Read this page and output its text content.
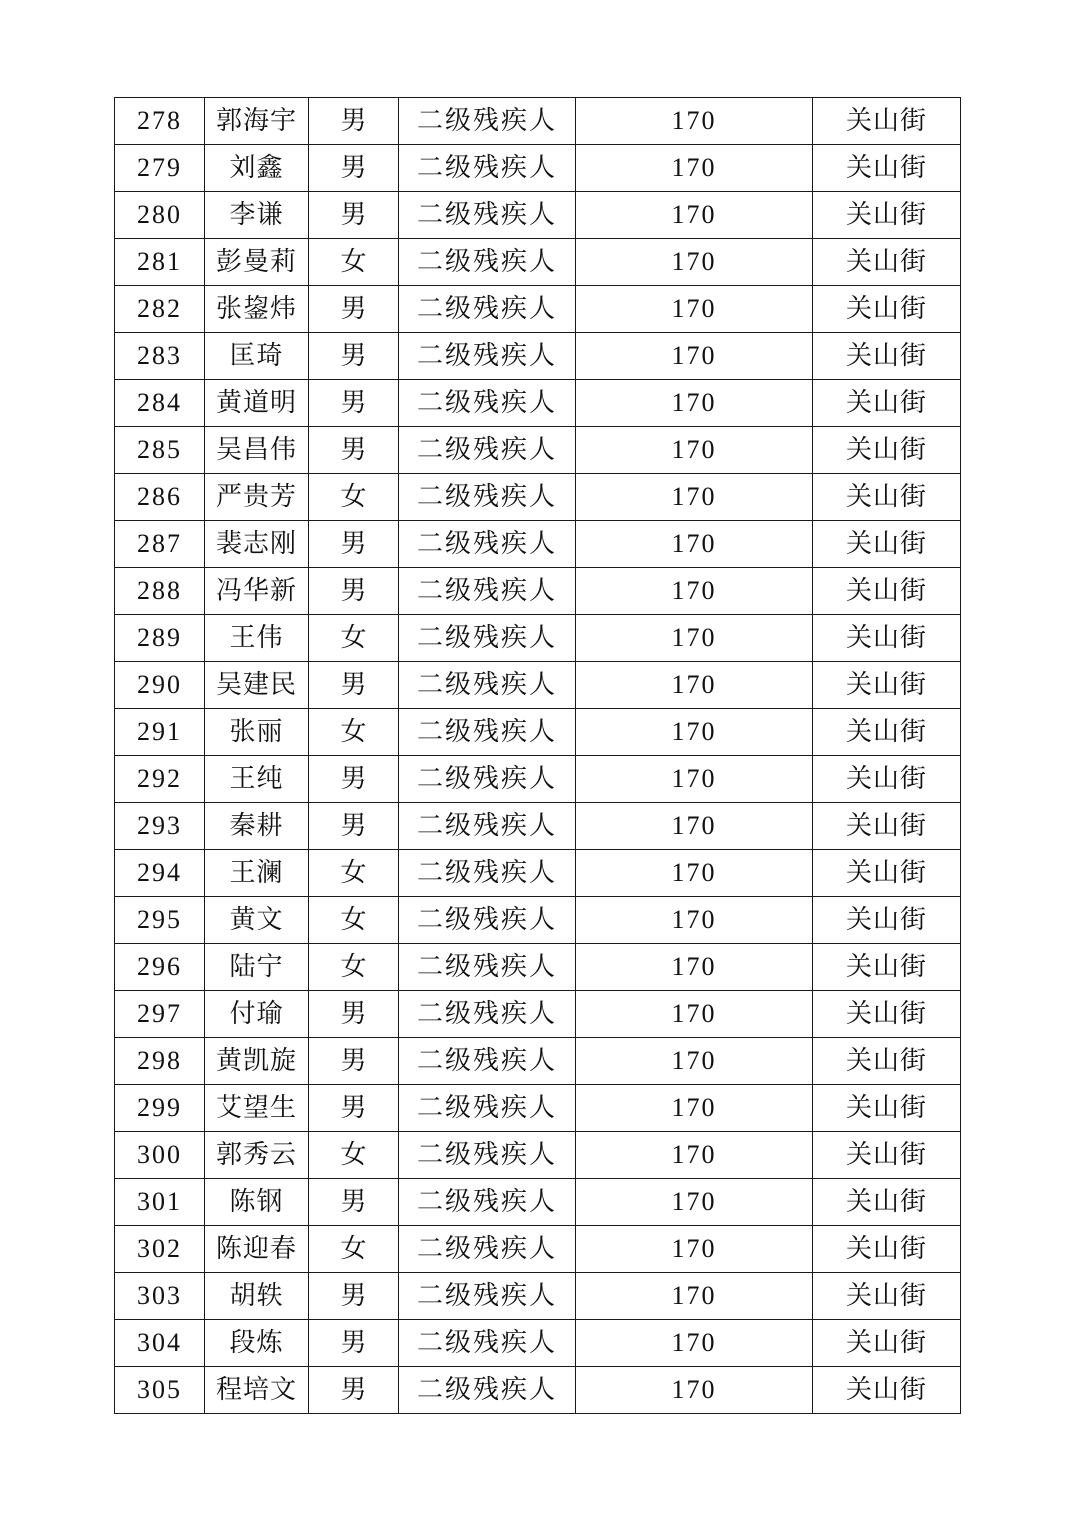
278	郭海宇	男	二级残疾人	170	关山街
279	刘鑫	男	二级残疾人	170	关山街
280	李谦	男	二级残疾人	170	关山街
281	彭曼莉	女	二级残疾人	170	关山街
282	张鋆炜	男	二级残疾人	170	关山街
283	匡琦	男	二级残疾人	170	关山街
284	黄道明	男	二级残疾人	170	关山街
285	吴昌伟	男	二级残疾人	170	关山街
286	严贵芳	女	二级残疾人	170	关山街
287	裴志刚	男	二级残疾人	170	关山街
288	冯华新	男	二级残疾人	170	关山街
289	王伟	女	二级残疾人	170	关山街
290	吴建民	男	二级残疾人	170	关山街
291	张丽	女	二级残疾人	170	关山街
292	王纯	男	二级残疾人	170	关山街
293	秦耕	男	二级残疾人	170	关山街
294	王澜	女	二级残疾人	170	关山街
295	黄文	女	二级残疾人	170	关山街
296	陆宁	女	二级残疾人	170	关山街
297	付瑜	男	二级残疾人	170	关山街
298	黄凯旋	男	二级残疾人	170	关山街
299	艾望生	男	二级残疾人	170	关山街
300	郭秀云	女	二级残疾人	170	关山街
301	陈钢	男	二级残疾人	170	关山街
302	陈迎春	女	二级残疾人	170	关山街
303	胡轶	男	二级残疾人	170	关山街
304	段炼	男	二级残疾人	170	关山街
305	程培文	男	二级残疾人	170	关山街
